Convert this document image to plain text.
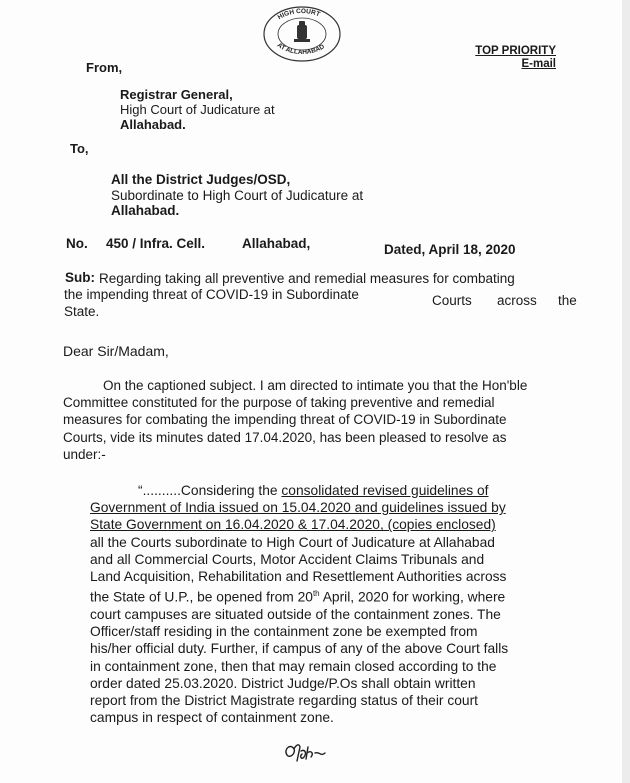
HIGH COURT
AT ALLAHABAD	TOP PRIORITY
E-mail
From,
Registrar General,
High Court of Judicature at
Allahabad.
To,
All the District Judges/OSD,
Subordinate to High Court of Judicature at
Allahabad.
No. 450 / Infra. Cell.	Allahabad,	Dated, April 18, 2020
Sub: Regarding taking all preventive and remedial measures for combating
the impending threat of COVID-19 in Subordinate	Courts across the
State.
Dear Sir/Madam,
On the captioned subject. I am directed to intimate you that the Hon'ble
Committee constituted for the purpose of taking preventive and remedial
measures for combating the impending threat of COVID-19 in Subordinate
Courts, vide its minutes dated 17.04.2020, has been pleased to resolve as
under:-
“..........Considering the consolidated revised guidelines of
Government of India issued on 15.04.2020 and guidelines issued by
State Government on 16.04.2020 & 17.04.2020, (copies enclosed)
all the Courts subordinate to High Court of Judicature at Allahabad
and all Commercial Courts, Motor Accident Claims Tribunals and
Land Acquisition, Rehabilitation and Resettlement Authorities across
the State of U.P., be opened from 20th April, 2020 for working, where
court campuses are situated outside of the containment zones. The
Officer/staff residing in the containment zone be exempted from
his/her official duty. Further, if campus of any of the above Court falls
in containment zone, then that may remain closed according to the
order dated 25.03.2020. District Judge/P.Os shall obtain written
report from the District Magistrate regarding status of their court
campus in respect of containment zone.
